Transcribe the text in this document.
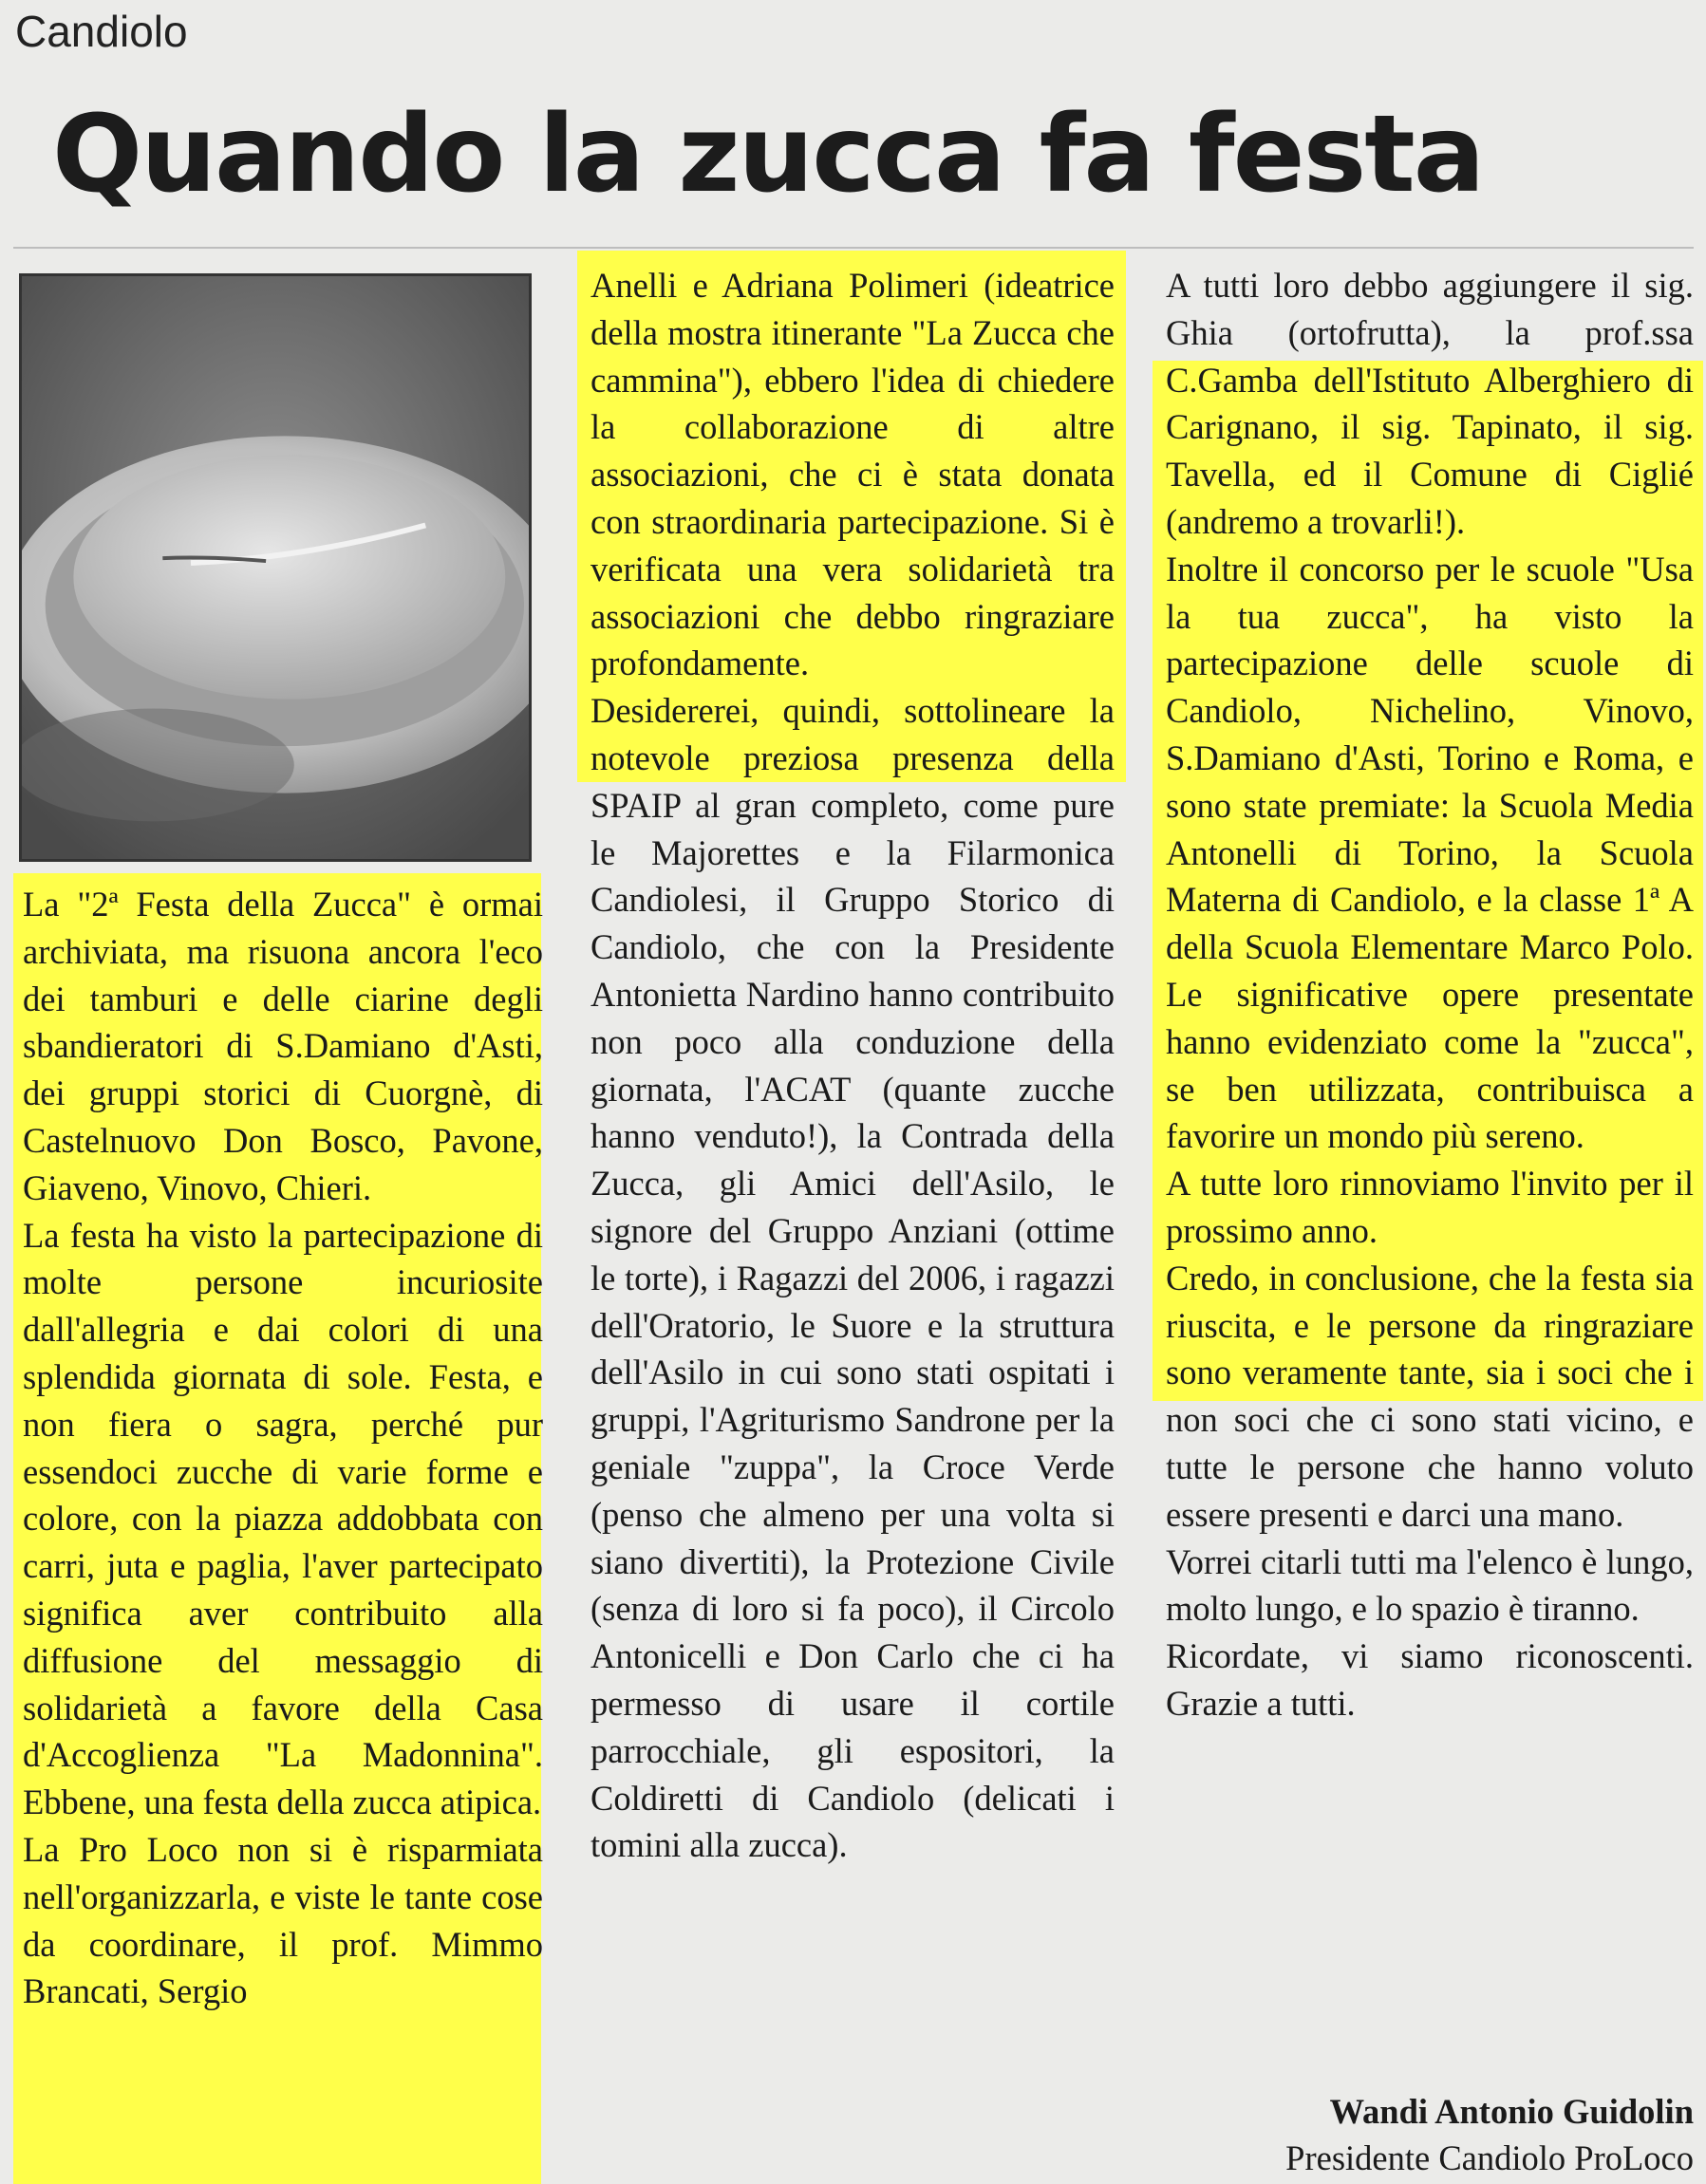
Candiolo
Quando la zucca fa festa

La "2ª Festa della Zucca" è ormai archiviata, ma risuona ancora l'eco dei tamburi e delle ciarine degli sbandieratori di S.Damiano d'Asti, dei gruppi storici di Cuorgnè, di Castelnuovo Don Bosco, Pavone, Giaveno, Vinovo, Chieri.

La festa ha visto la partecipazione di molte persone incuriosite dall'allegria e dai colori di una splendida giornata di sole. Festa, e non fiera o sagra, perché pur essendoci zucche di varie forme e colore, con la piazza addobbata con carri, juta e paglia, l'aver partecipato significa aver contribuito alla diffusione del messaggio di solidarietà a favore della Casa d'Accoglienza "La Madonnina". Ebbene, una festa della zucca atipica.

La Pro Loco non si è risparmiata nell'organizzarla, e viste le tante cose da coordinare, il prof. Mimmo Brancati, Sergio

Anelli e Adriana Polimeri (ideatrice della mostra itinerante "La Zucca che cammina"), ebbero l'idea di chiedere la collaborazione di altre associazioni, che ci è stata donata con straordinaria partecipazione. Si è verificata una vera solidarietà tra associazioni che debbo ringraziare profondamente.

Desidererei, quindi, sottolineare la notevole preziosa presenza della SPAIP al gran completo, come pure le Majorettes e la Filarmonica Candiolesi, il Gruppo Storico di Candiolo, che con la Presidente Antonietta Nardino hanno contribuito non poco alla conduzione della giornata, l'ACAT (quante zucche hanno venduto!), la Contrada della Zucca, gli Amici dell'Asilo, le signore del Gruppo Anziani (ottime le torte), i Ragazzi del 2006, i ragazzi dell'Oratorio, le Suore e la struttura dell'Asilo in cui sono stati ospitati i gruppi, l'Agriturismo Sandrone per la geniale "zuppa", la Croce Verde (penso che almeno per una volta si siano divertiti), la Protezione Civile (senza di loro si fa poco), il Circolo Antonicelli e Don Carlo che ci ha permesso di usare il cortile parrocchiale, gli espositori, la Coldiretti di Candiolo (delicati i tomini alla zucca).

A tutti loro debbo aggiungere il sig. Ghia (ortofrutta), la prof.ssa C.Gamba dell'Istituto Alberghiero di Carignano, il sig. Tapinato, il sig. Tavella, ed il Comune di Ciglié (andremo a trovarli!).

Inoltre il concorso per le scuole "Usa la tua zucca", ha visto la partecipazione delle scuole di Candiolo, Nichelino, Vinovo, S.Damiano d'Asti, Torino e Roma, e sono state premiate: la Scuola Media Antonelli di Torino, la Scuola Materna di Candiolo, e la classe 1ª A della Scuola Elementare Marco Polo. Le significative opere presentate hanno evidenziato come la "zucca", se ben utilizzata, contribuisca a favorire un mondo più sereno.

A tutte loro rinnoviamo l'invito per il prossimo anno.

Credo, in conclusione, che la festa sia riuscita, e le persone da ringraziare sono veramente tante, sia i soci che i non soci che ci sono stati vicino, e tutte le persone che hanno voluto essere presenti e darci una mano.

Vorrei citarli tutti ma l'elenco è lungo, molto lungo, e lo spazio è tiranno.

Ricordate, vi siamo riconoscenti. Grazie a tutti.

Wandi Antonio Guidolin
Presidente Candiolo ProLoco
